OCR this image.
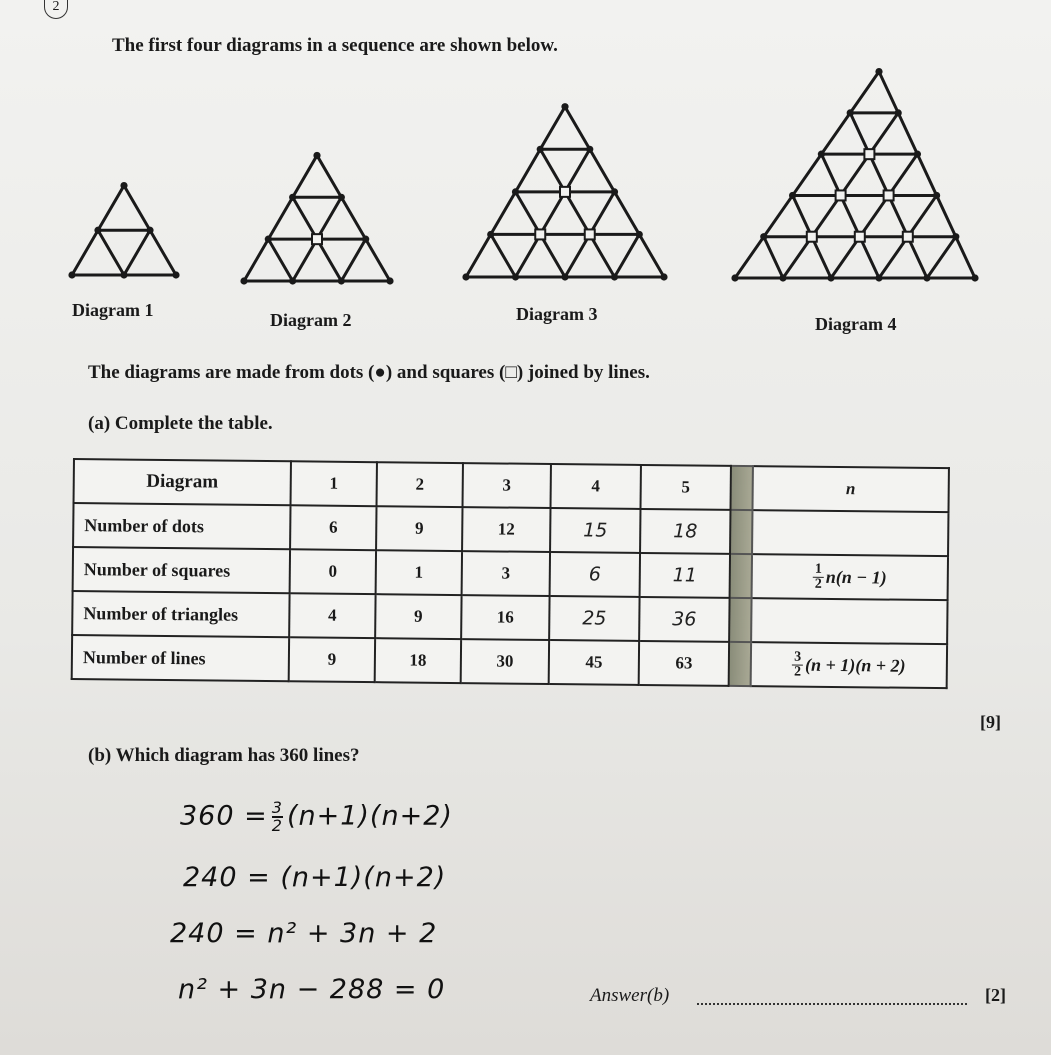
2
The first four diagrams in a sequence are shown below.
Diagram 1	Diagram 2	Diagram 3	Diagram 4
The diagrams are made from dots (●) and squares (□) joined by lines.
(a) Complete the table.
Diagram	1	2	3	4	5		n
Number of dots	6	9	12	15	18		
Number of squares	0	1	3	6	11		$\frac{1}{2} n(n - 1)$
Number of triangles	4	9	16	25	36		
Number of lines	9	18	30	45	63		$\frac{3}{2} (n + 1)(n + 2)$
[9]
(b) Which diagram has 360 lines?
$360 = \frac{3}{2} (n+1)(n+2)$
240 = (n+1)(n+2)
240 = n² + 3n + 2
n² + 3n − 288 = 0	Answer(b)	[2]
